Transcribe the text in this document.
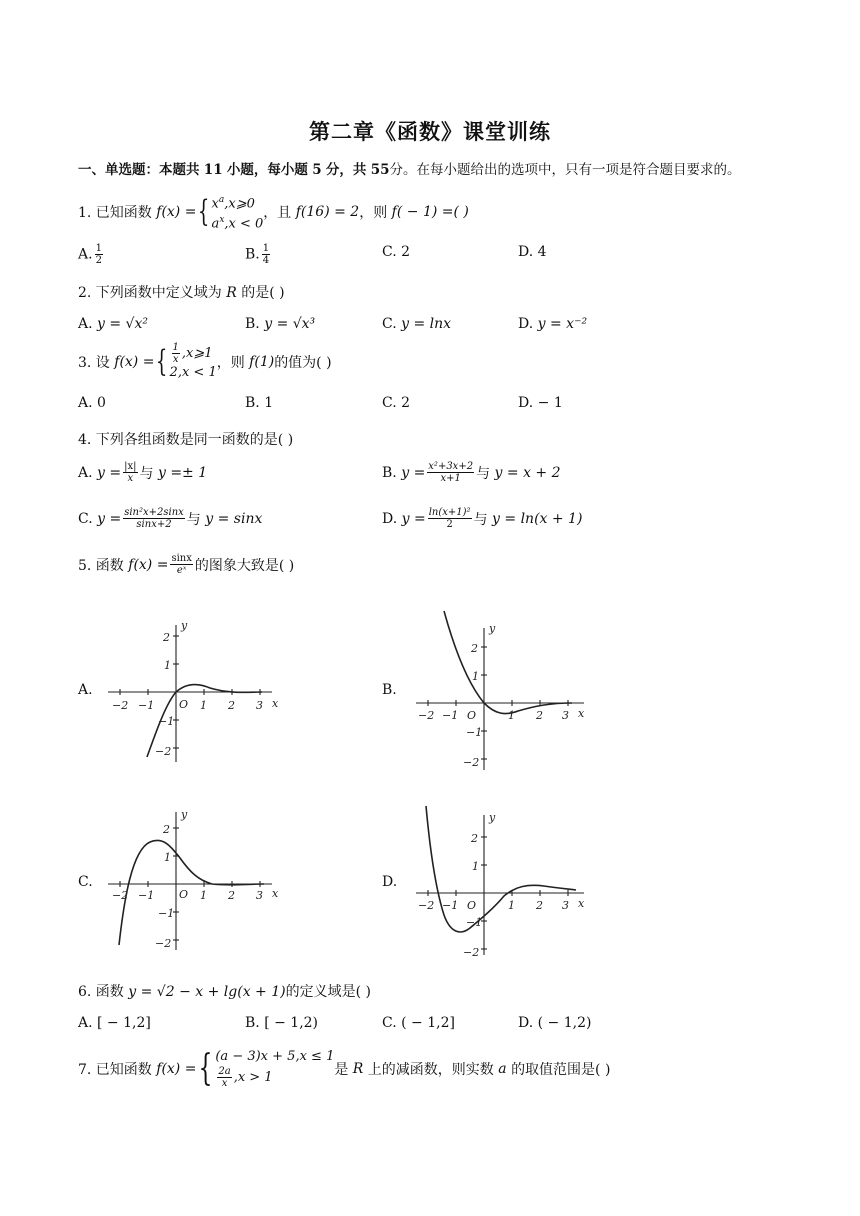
第二章《函数》课堂训练
一、单选题：本题共 11 小题，每小题 5 分，共 55分。在每小题给出的选项中，只有一项是符合题目要求的。
1. 已知函数
f(x) = { $x^a,x⩾0$
$a^x,x < 0$
，且
f(16) = 2 ，则
f( − 1) =( )
A. $\frac{1}{2}$	B. $\frac{1}{4}$	C. 2	D. 4
2. 下列函数中定义域为 R 的是( )
A. y = √x²	B. y = √x³	C. y = lnx	D. y = x⁻²
3. 设
f(x) = { $\frac{1}{x}$ ,x⩾1
2,x < 1
，则
f(1) 的值为( )
A. 0	B. 1	C. 2	D. − 1
4. 下列各组函数是同一函数的是( )
A.
$y = \frac{|x|}{x}$ 与
y =± 1	B.
$y = \frac{\text{x²+3x+2}}{x+1}$ 与
y = x + 2
C.
$y = \frac{\text{sin²x+2sinx}}{\sin x+2}$ 与
y = sinx	D.
$y = \frac{\text{ln(x+1)²}}{2}$ 与
y = ln(x + 1)
5. 函数
$f(x) = \frac{\sin x}{\text{eˣ}}$ 的图象大致是( )
A.	B.
C.	D.
−2 −1 O 1 2 3 x
y
2
1
−1
−2
−2 −1 O	1 2 3 x
y
2
1
−1
−2
−2 −1 O 1 2 3 x
y
2
1
−1
−2
−2 −1 O	1 2 3 x
y
2
1
−1
−2
6. 函数 y = √2 − x + lg(x + 1)的定义域是( )
A. [ − 1,2]	B. [ − 1,2)	C. ( − 1,2]	D. ( − 1,2)
7. 已知函数
f(x) = { (a − 3)x + 5,x ≤ 1
$\frac{2a}{x} ,x > 1$	是
R
上的减函数，则实数
a
的取值范围是( )
